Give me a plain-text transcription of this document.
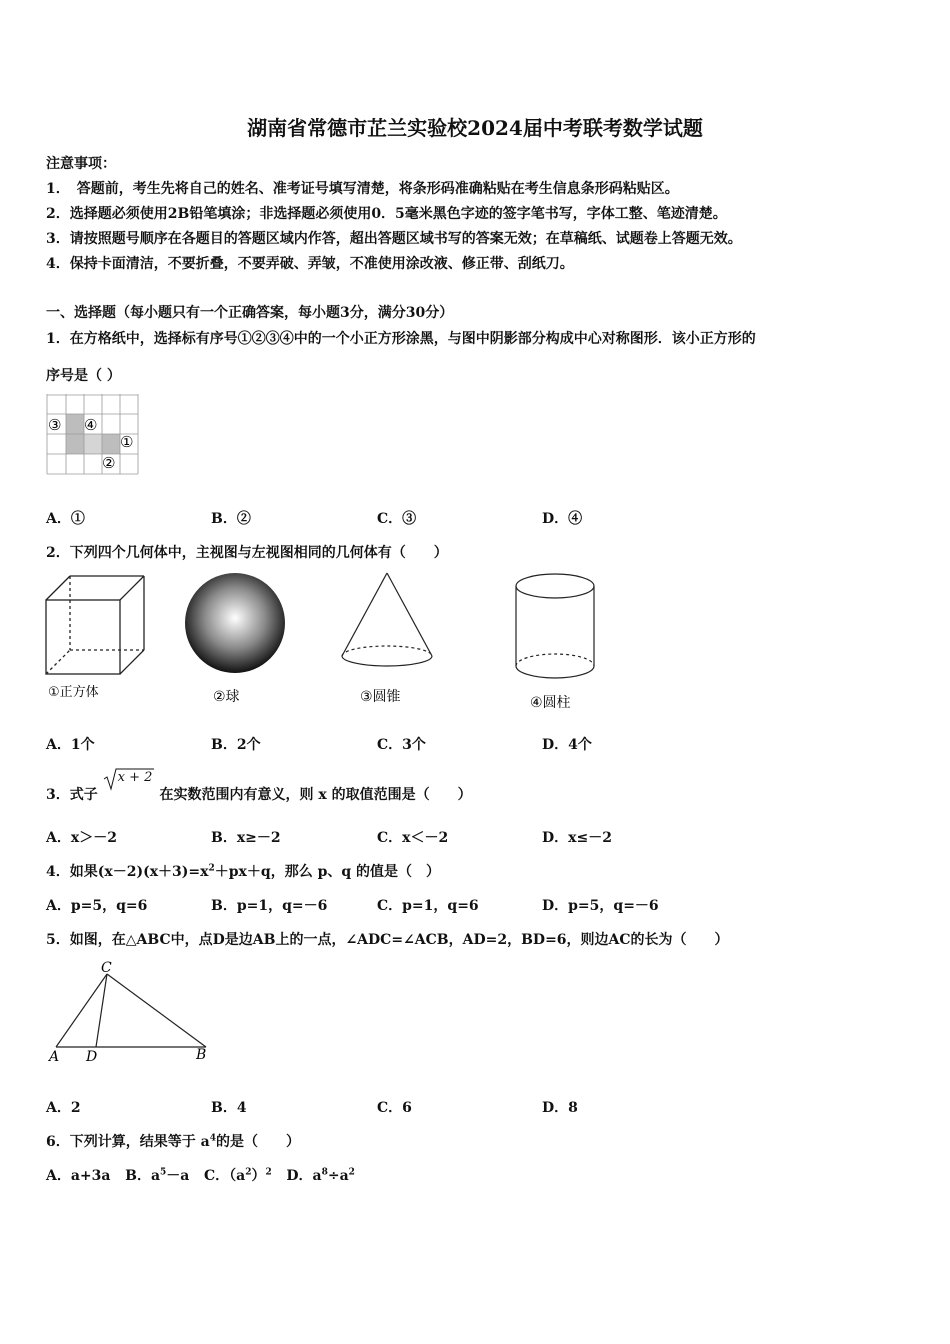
湖南省常德市芷兰实验校2024届中考联考数学试题
注意事项：
1．　答题前，考生先将自己的姓名、准考证号填写清楚，将条形码准确粘贴在考生信息条形码粘贴区。
2．选择题必须使用2B铅笔填涂；非选择题必须使用0．5毫米黑色字迹的签字笔书写，字体工整、笔迹清楚。
3．请按照题号顺序在各题目的答题区域内作答，超出答题区域书写的答案无效；在草稿纸、试题卷上答题无效。
4．保持卡面清洁，不要折叠，不要弄破、弄皱，不准使用涂改液、修正带、刮纸刀。
一、选择题（每小题只有一个正确答案，每小题3分，满分30分）
1．在方格纸中，选择标有序号①②③④中的一个小正方形涂黑，与图中阴影部分构成中心对称图形．该小正方形的
序号是（ ）
③ ④
①
②
A．①	B．②	C．③	D．④
2．下列四个几何体中，主视图与左视图相同的几何体有（　　）
①正方体	②球	③圆锥	④圆柱
A．1个	B．2个	C．3个	D．4个
3．式子
x + 2
在实数范围内有意义，则 x 的取值范围是（　　）
A．x＞－2	B．x≥－2	C．x＜－2	D．x≤－2
4．如果$(x-2)(x+3)=x^2+px+q$，那么 p、q 的值是（　）
A．p=5，q=6	B．p=1，q=－6	C．p=1，q=6	D．p=5，q=－6
5．如图，在△ABC中，点D是边AB上的一点，∠ADC=∠ACB，AD=2，BD=6，则边AC的长为（　　）
C
A D	B
A．2	B．4	C．6	D．8
6．下列计算，结果等于 $a^4$的是（　　）
A．a+3a B．$a^5-a$ C．$(a^2)^2$ D．$a^8\div a^2$
